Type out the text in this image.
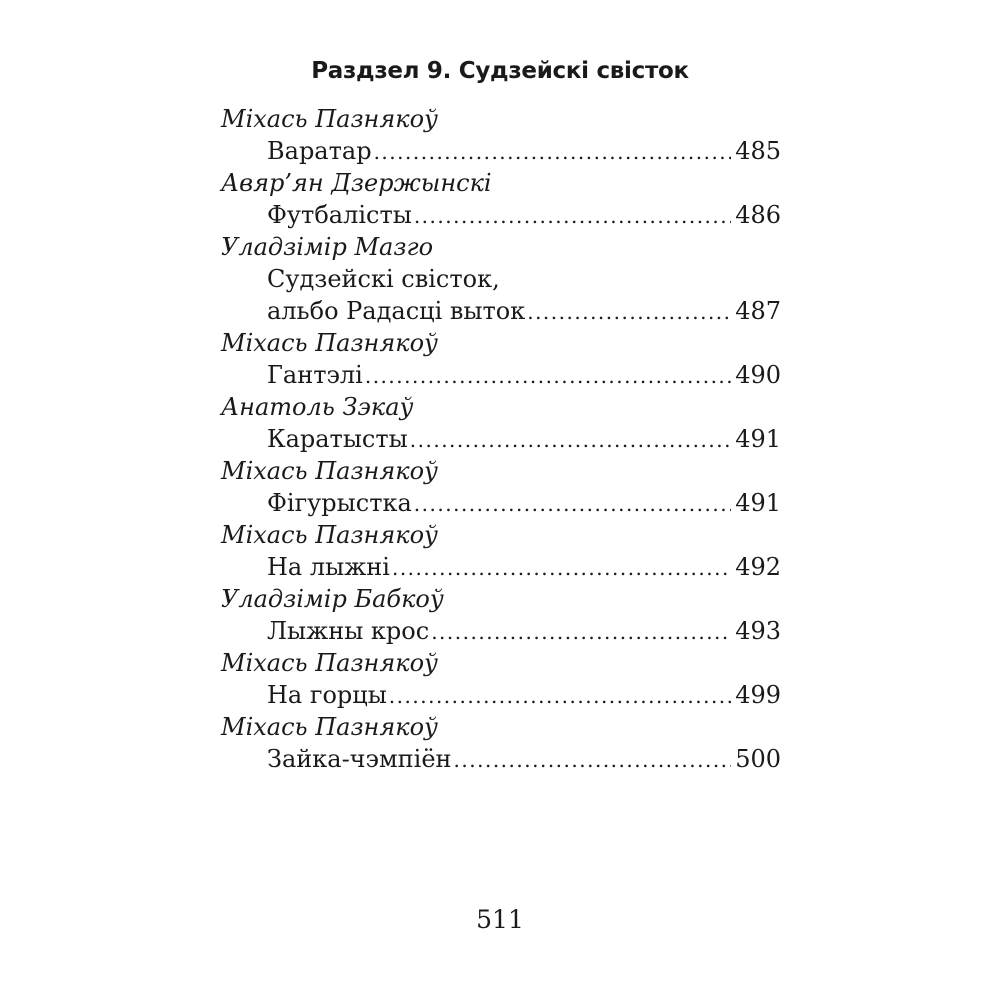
Раздзел 9. Судзейскі свісток
Міхась Пазнякоў
Варатар .....	485
Авяр’ян Дзержынскі
Футбалісты .....	486
Уладзімір Мазго
Судзейскі свісток,
альбо Радасці выток .....	487
Міхась Пазнякоў
Гантэлі .....	490
Анатоль Зэкаў
Каратысты .....	491
Міхась Пазнякоў
Фігурыстка .....	491
Міхась Пазнякоў
На лыжні .....	492
Уладзімір Бабкоў
Лыжны крос .....	493
Міхась Пазнякоў
На горцы .....	499
Міхась Пазнякоў
Зайка-чэмпіён .....	500
511
